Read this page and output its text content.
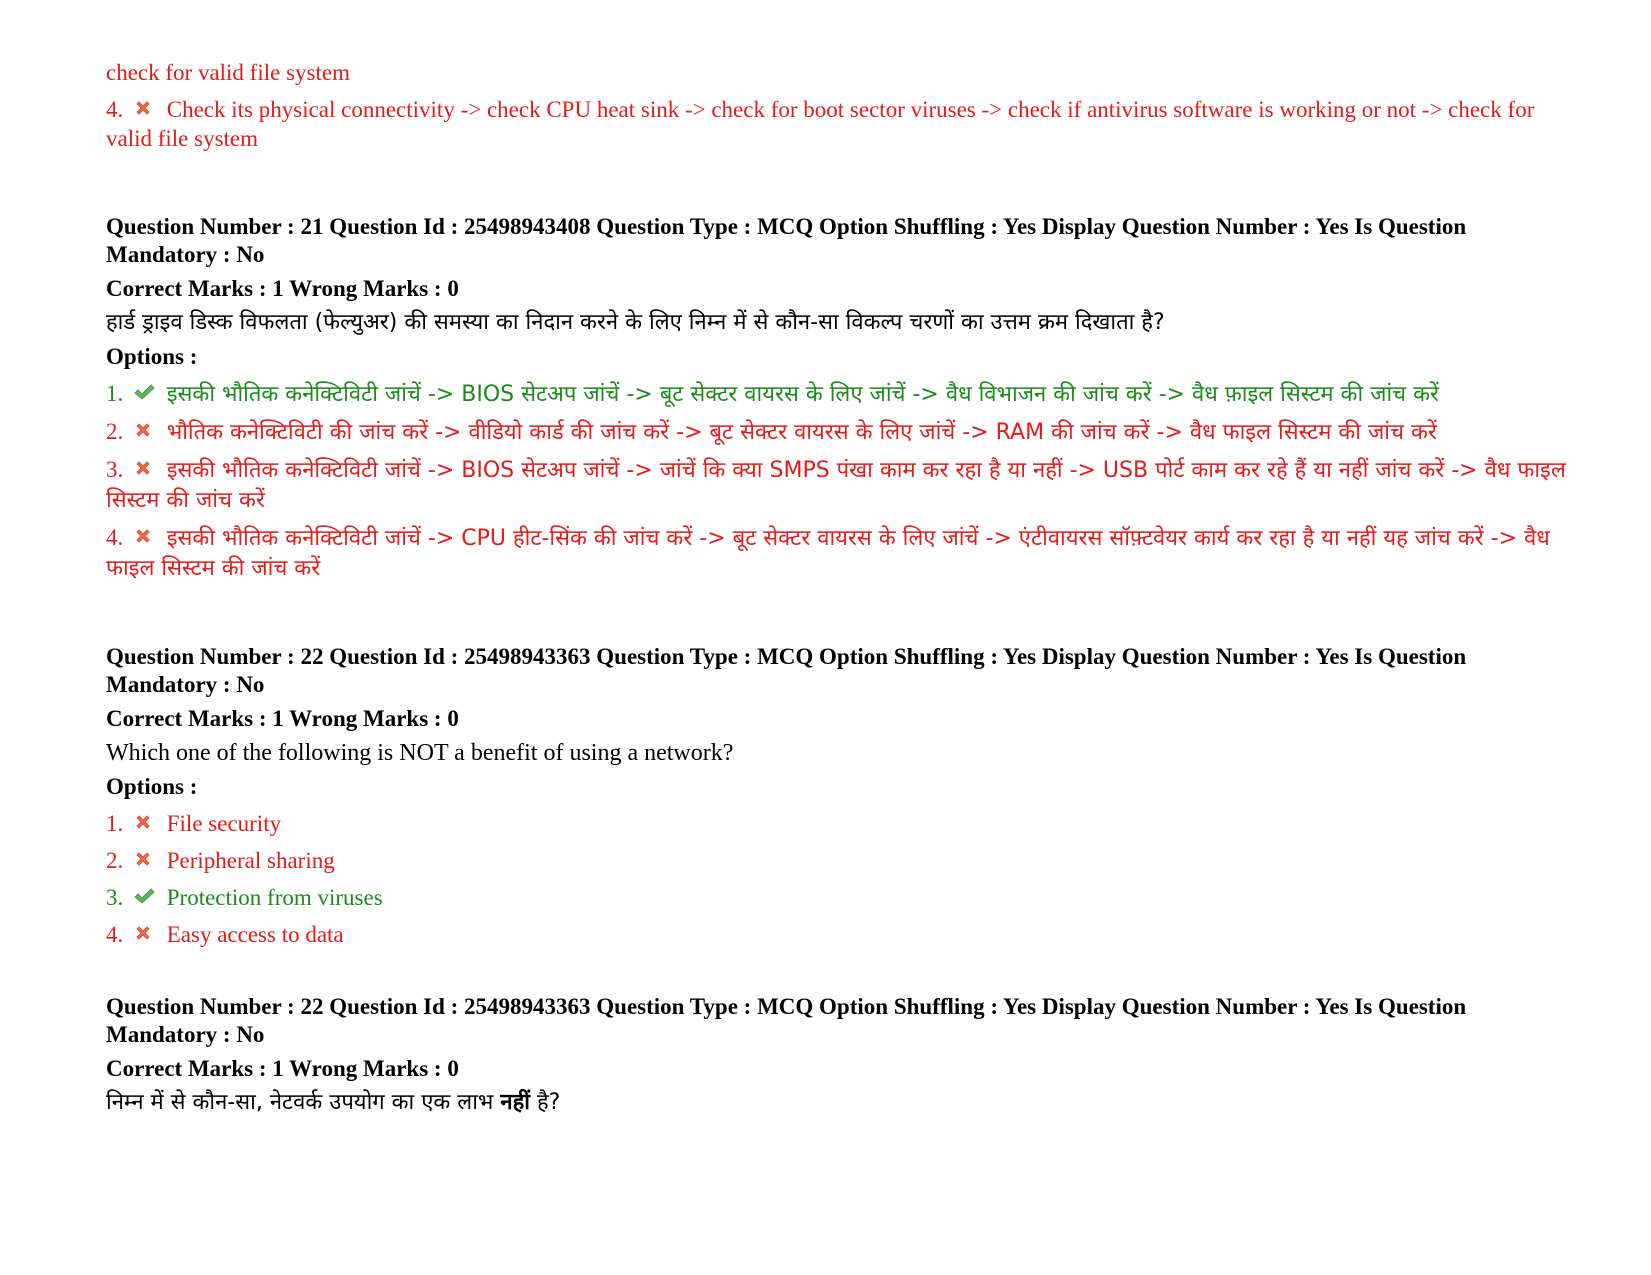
check for valid file system

4. Check its physical connectivity -> check CPU heat sink -> check for boot sector viruses -> check if antivirus software is working or not -> check for valid file system

Question Number : 21 Question Id : 25498943408 Question Type : MCQ Option Shuffling : Yes Display Question Number : Yes Is Question Mandatory : No

Correct Marks : 1 Wrong Marks : 0

हार्ड ड्राइव डिस्क विफलता (फेल्युअर) की समस्या का निदान करने के लिए निम्न में से कौन-सा विकल्प चरणों का उत्तम क्रम दिखाता है?

Options :

1. इसकी भौतिक कनेक्टिविटी जांचें -> BIOS सेटअप जांचें -> बूट सेक्टर वायरस के लिए जांचें -> वैध विभाजन की जांच करें -> वैध फ़ाइल सिस्टम की जांच करें

2. भौतिक कनेक्टिविटी की जांच करें -> वीडियो कार्ड की जांच करें -> बूट सेक्टर वायरस के लिए जांचें -> RAM की जांच करें -> वैध फाइल सिस्टम की जांच करें

3. इसकी भौतिक कनेक्टिविटी जांचें -> BIOS सेटअप जांचें -> जांचें कि क्या SMPS पंखा काम कर रहा है या नहीं -> USB पोर्ट काम कर रहे हैं या नहीं जांच करें -> वैध फाइल सिस्टम की जांच करें

4. इसकी भौतिक कनेक्टिविटी जांचें -> CPU हीट-सिंक की जांच करें -> बूट सेक्टर वायरस के लिए जांचें -> एंटीवायरस सॉफ़्टवेयर कार्य कर रहा है या नहीं यह जांच करें -> वैध फाइल सिस्टम की जांच करें

Question Number : 22 Question Id : 25498943363 Question Type : MCQ Option Shuffling : Yes Display Question Number : Yes Is Question Mandatory : No

Correct Marks : 1 Wrong Marks : 0

Which one of the following is NOT a benefit of using a network?

Options :

1. File security

2. Peripheral sharing

3. Protection from viruses

4. Easy access to data

Question Number : 22 Question Id : 25498943363 Question Type : MCQ Option Shuffling : Yes Display Question Number : Yes Is Question Mandatory : No

Correct Marks : 1 Wrong Marks : 0

निम्न में से कौन-सा, नेटवर्क उपयोग का एक लाभ नहीं है?
